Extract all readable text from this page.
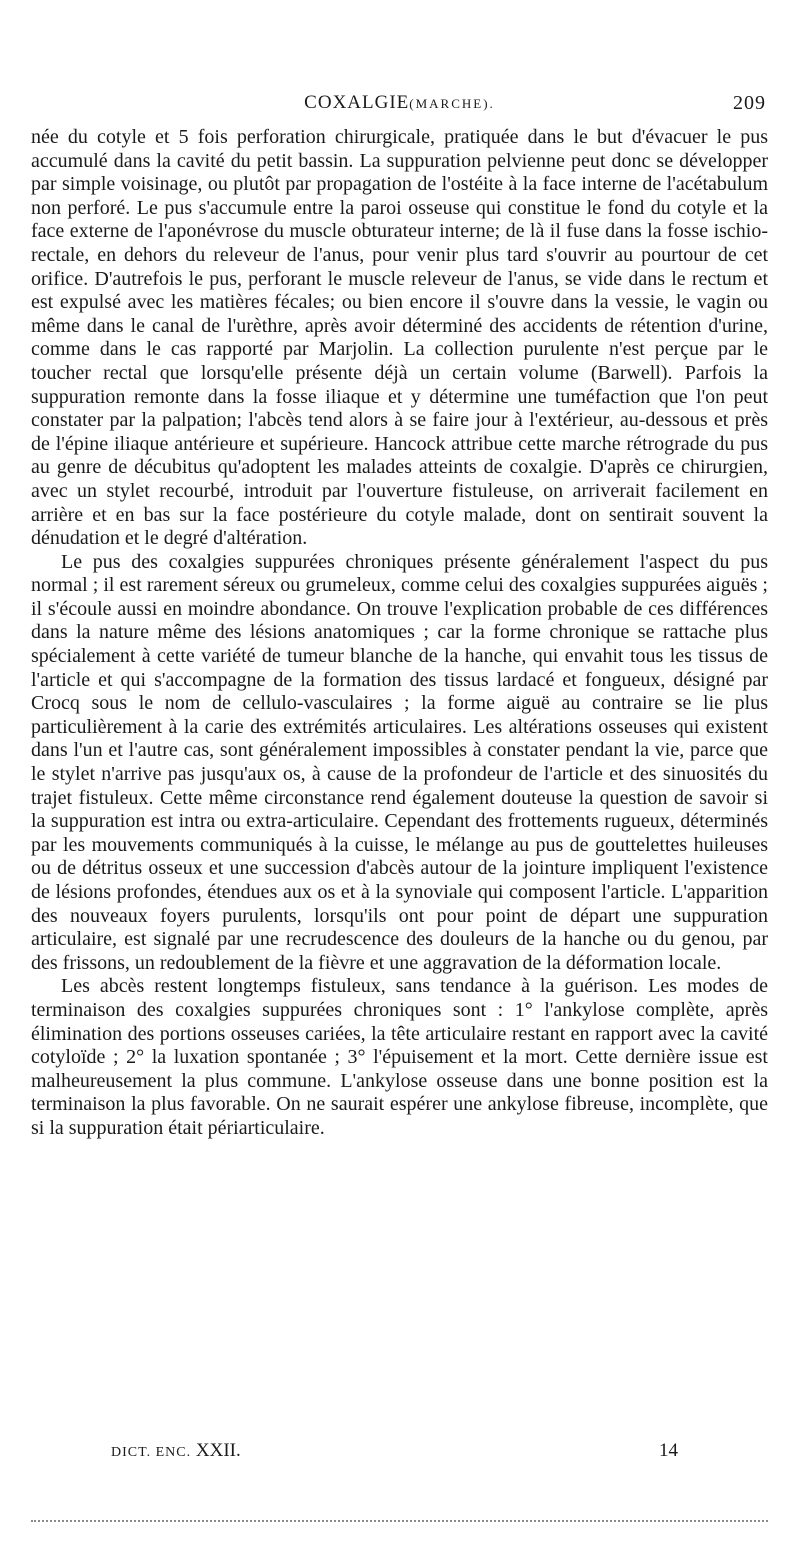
COXALGIE(MARCHE).	209

née du cotyle et 5 fois perforation chirurgicale, pratiquée dans le but d'évacuer le pus accumulé dans la cavité du petit bassin. La suppuration pelvienne peut donc se développer par simple voisinage, ou plutôt par propagation de l'ostéite à la face interne de l'acétabulum non perforé. Le pus s'accumule entre la paroi osseuse qui constitue le fond du cotyle et la face externe de l'aponévrose du muscle obturateur interne; de là il fuse dans la fosse ischio-rectale, en dehors du releveur de l'anus, pour venir plus tard s'ouvrir au pourtour de cet orifice. D'autrefois le pus, perforant le muscle releveur de l'anus, se vide dans le rectum et est expulsé avec les matières fécales; ou bien encore il s'ouvre dans la vessie, le vagin ou même dans le canal de l'urèthre, après avoir déterminé des accidents de rétention d'urine, comme dans le cas rapporté par Marjolin. La collection purulente n'est perçue par le toucher rectal que lorsqu'elle présente déjà un certain volume (Barwell). Parfois la suppuration remonte dans la fosse iliaque et y détermine une tuméfaction que l'on peut constater par la palpation; l'abcès tend alors à se faire jour à l'extérieur, au-dessous et près de l'épine iliaque antérieure et supérieure. Hancock attribue cette marche rétrograde du pus au genre de décubitus qu'adoptent les malades atteints de coxalgie. D'après ce chirurgien, avec un stylet recourbé, introduit par l'ouverture fistuleuse, on arriverait facilement en arrière et en bas sur la face postérieure du cotyle malade, dont on sentirait souvent la dénudation et le degré d'altération.

Le pus des coxalgies suppurées chroniques présente généralement l'aspect du pus normal ; il est rarement séreux ou grumeleux, comme celui des coxalgies suppurées aiguës ; il s'écoule aussi en moindre abondance. On trouve l'explication probable de ces différences dans la nature même des lésions anatomiques ; car la forme chronique se rattache plus spécialement à cette variété de tumeur blanche de la hanche, qui envahit tous les tissus de l'article et qui s'accompagne de la formation des tissus lardacé et fongueux, désigné par Crocq sous le nom de cellulo-vasculaires ; la forme aiguë au contraire se lie plus particulièrement à la carie des extrémités articulaires. Les altérations osseuses qui existent dans l'un et l'autre cas, sont généralement impossibles à constater pendant la vie, parce que le stylet n'arrive pas jusqu'aux os, à cause de la profondeur de l'article et des sinuosités du trajet fistuleux. Cette même circonstance rend également douteuse la question de savoir si la suppuration est intra ou extra-articulaire. Cependant des frottements rugueux, déterminés par les mouvements communiqués à la cuisse, le mélange au pus de gouttelettes huileuses ou de détritus osseux et une succession d'abcès autour de la jointure impliquent l'existence de lésions profondes, étendues aux os et à la synoviale qui composent l'article. L'apparition des nouveaux foyers purulents, lorsqu'ils ont pour point de départ une suppuration articulaire, est signalé par une recrudescence des douleurs de la hanche ou du genou, par des frissons, un redoublement de la fièvre et une aggravation de la déformation locale.

Les abcès restent longtemps fistuleux, sans tendance à la guérison. Les modes de terminaison des coxalgies suppurées chroniques sont : 1° l'ankylose complète, après élimination des portions osseuses cariées, la tête articulaire restant en rapport avec la cavité cotyloïde ; 2° la luxation spontanée ; 3° l'épuisement et la mort. Cette dernière issue est malheureusement la plus commune. L'ankylose osseuse dans une bonne position est la terminaison la plus favorable. On ne saurait espérer une ankylose fibreuse, incomplète, que si la suppuration était périarticulaire.

DICT. ENC. XXII.	14
